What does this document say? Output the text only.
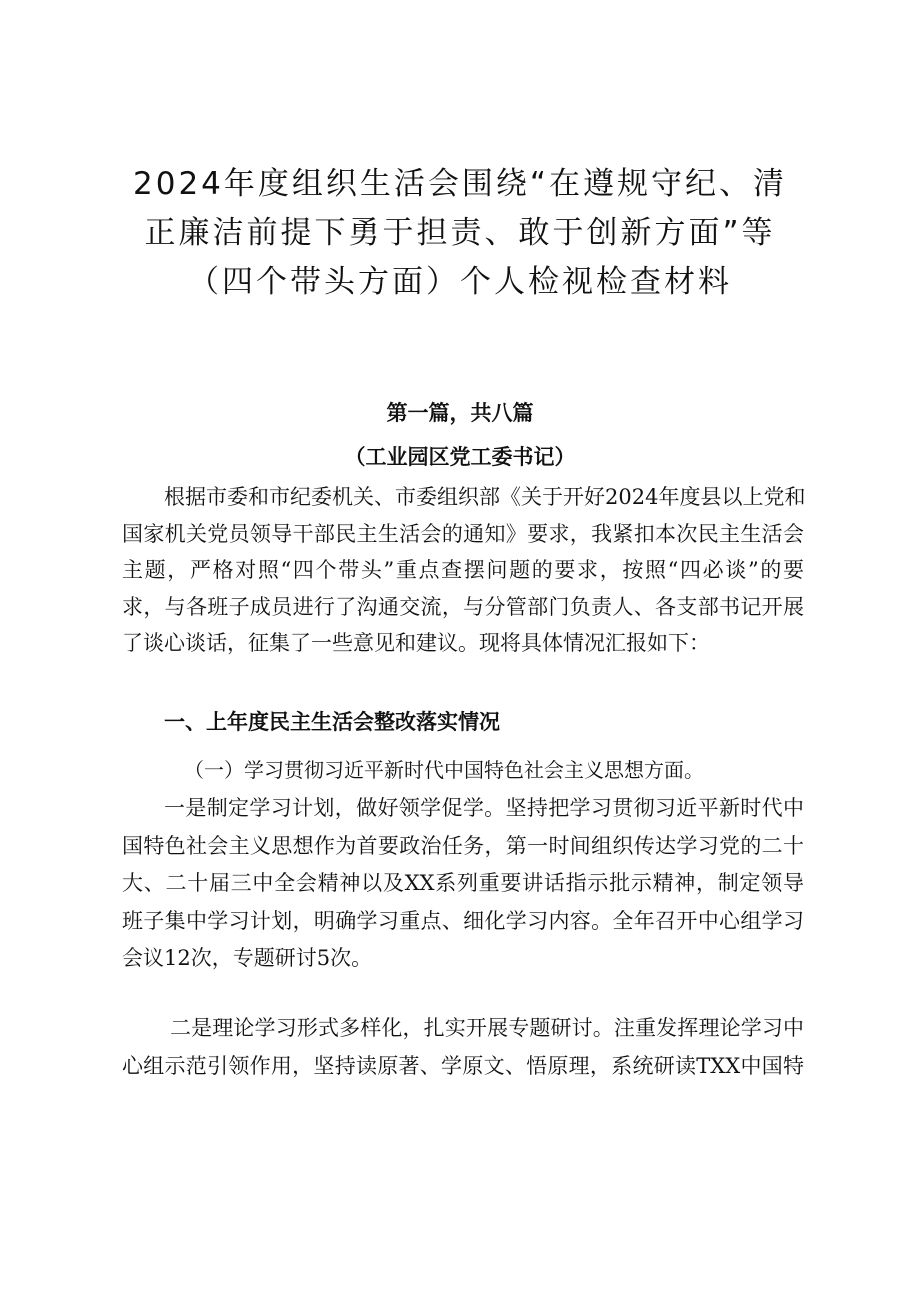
2024年度组织生活会围绕“在遵规守纪、清
正廉洁前提下勇于担责、敢于创新方面”等
（四个带头方面）个人检视检查材料
第一篇，共八篇
（工业园区党工委书记）
根据市委和市纪委机关、市委组织部《关于开好2024年度县以上党和
国家机关党员领导干部民主生活会的通知》要求，我紧扣本次民主生活会
主题，严格对照“四个带头”重点查摆问题的要求，按照“四必谈”的要
求，与各班子成员进行了沟通交流，与分管部门负责人、各支部书记开展
了谈心谈话，征集了一些意见和建议。现将具体情况汇报如下：
一、上年度民主生活会整改落实情况
（一）学习贯彻习近平新时代中国特色社会主义思想方面。
一是制定学习计划，做好领学促学。坚持把学习贯彻习近平新时代中
国特色社会主义思想作为首要政治任务，第一时间组织传达学习党的二十
大、二十届三中全会精神以及XX系列重要讲话指示批示精神，制定领导
班子集中学习计划，明确学习重点、细化学习内容。全年召开中心组学习
会议12次，专题研讨5次。
二是理论学习形式多样化，扎实开展专题研讨。注重发挥理论学习中
心组示范引领作用，坚持读原著、学原文、悟原理，系统研读TXX中国特
